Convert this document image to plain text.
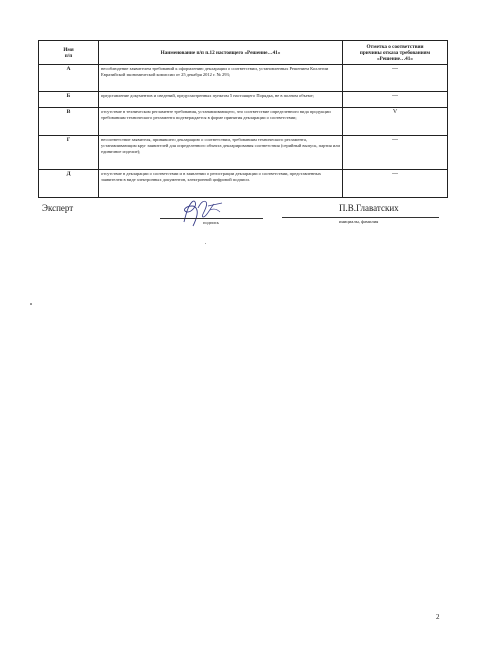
Имя
п/п	Наименование п/п п.12 настоящего «Решение…41»	Отметка о соответствии
причины отказа требованиям
«Решение…41»
А	несоблюдение заявителем требований к оформлению декларации о соответствии, установленных Решением Коллегии Евразийской экономической комиссии от 25 декабря 2012 г. № 293;	---
Б	представление документов и сведений, предусмотренных пунктом 5 настоящего Порядка, не в полном объеме;	---
В	отсутствие в техническом регламенте требования, устанавливающего, что соответствие определенного вида продукции требованиям технического регламента подтверждается в форме принятия декларации о соответствии;	V
Г	несоответствие заявителя, принявшего декларацию о соответствии, требованиям технического регламента, устанавливающим круг заявителей для определенного объекта декларирования соответствия (серийный выпуск, партия или единичное изделие);	---
Д	отсутствие в декларации о соответствии и в заявлении о регистрации декларации о соответствии, представленных заявителем в виде электронных документов, электронной цифровой подписи.	---
Эксперт
подпись
П.В.Главатских
инициалы, фамилия
2
